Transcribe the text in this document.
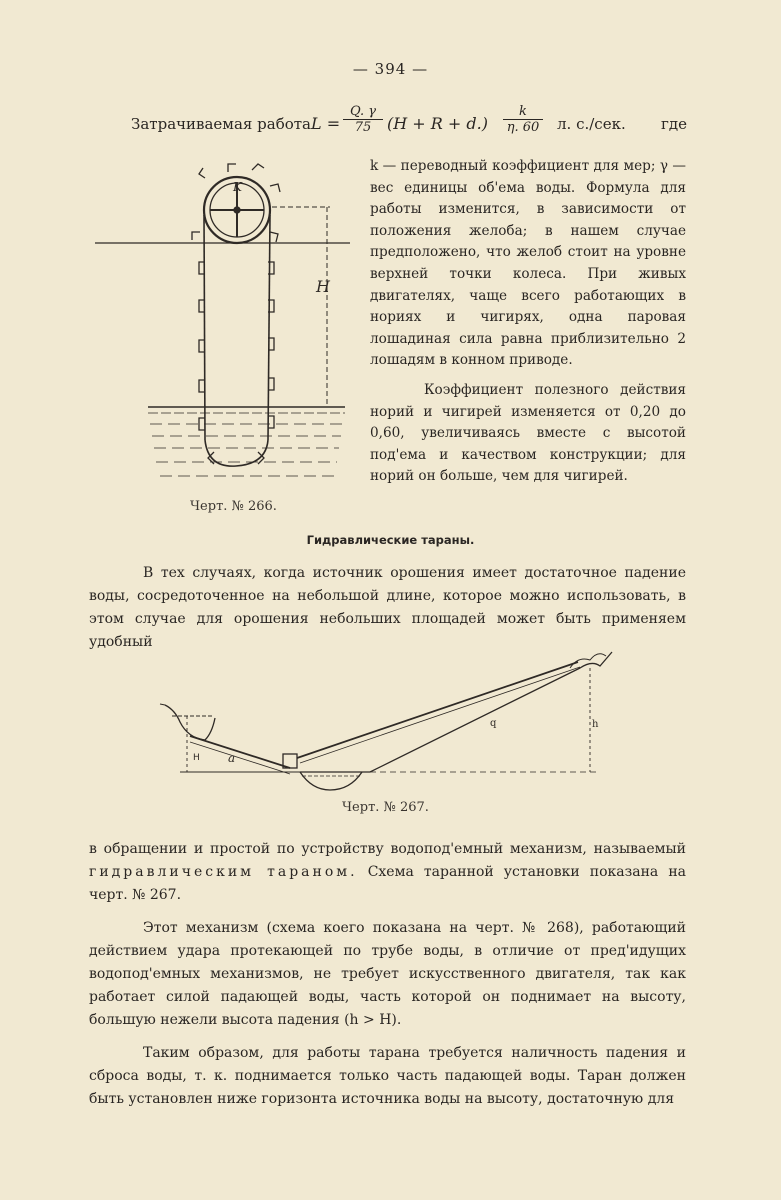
— 394 —
Затрачиваемая работа $L = \frac{Q. \gamma}{75} (H + R + d.) \frac{k}{\eta. 60} л$. с./сек. где

k — переводный коэффициент для мер; γ — вес единицы об'ема воды. Формула для работы изменится, в зависимости от положения желоба; в нашем случае предположено, что желоб стоит на уровне верхней точки колеса. При живых двигателях, чаще всего работающих в нориях и чигирях, одна паровая лошадиная сила равна приблизительно 2 лошадям в конном приводе.

Коэффициент полезного действия норий и чигирей изменяется от 0,20 до 0,60, увеличиваясь вместе с высотой под'ема и качеством конструкции; для норий он больше, чем для чигирей.

K
H
Черт. № 266.
Гидравлические тараны.

В тех случаях, когда источник орошения имеет достаточное падение воды, сосредоточенное на небольшой длине, которое можно использовать, в этом случае для орошения небольших площадей может быть применяем удобный

H a
q	h
Черт. № 267.

в обращении и простой по устройству водопод'емный механизм, называемый гидравлическим тараном. Схема таранной установки показана на черт. № 267.

Этот механизм (схема коего показана на черт. № 268), работающий действием удара протекающей по трубе воды, в отличие от пред'идущих водопод'емных механизмов, не требует искусственного двигателя, так как работает силой падающей воды, часть которой он поднимает на высоту, большую нежели высота падения (h > H).

Таким образом, для работы тарана требуется наличность падения и сброса воды, т. к. поднимается только часть падающей воды. Таран должен быть установлен ниже горизонта источника воды на высоту, достаточную для
